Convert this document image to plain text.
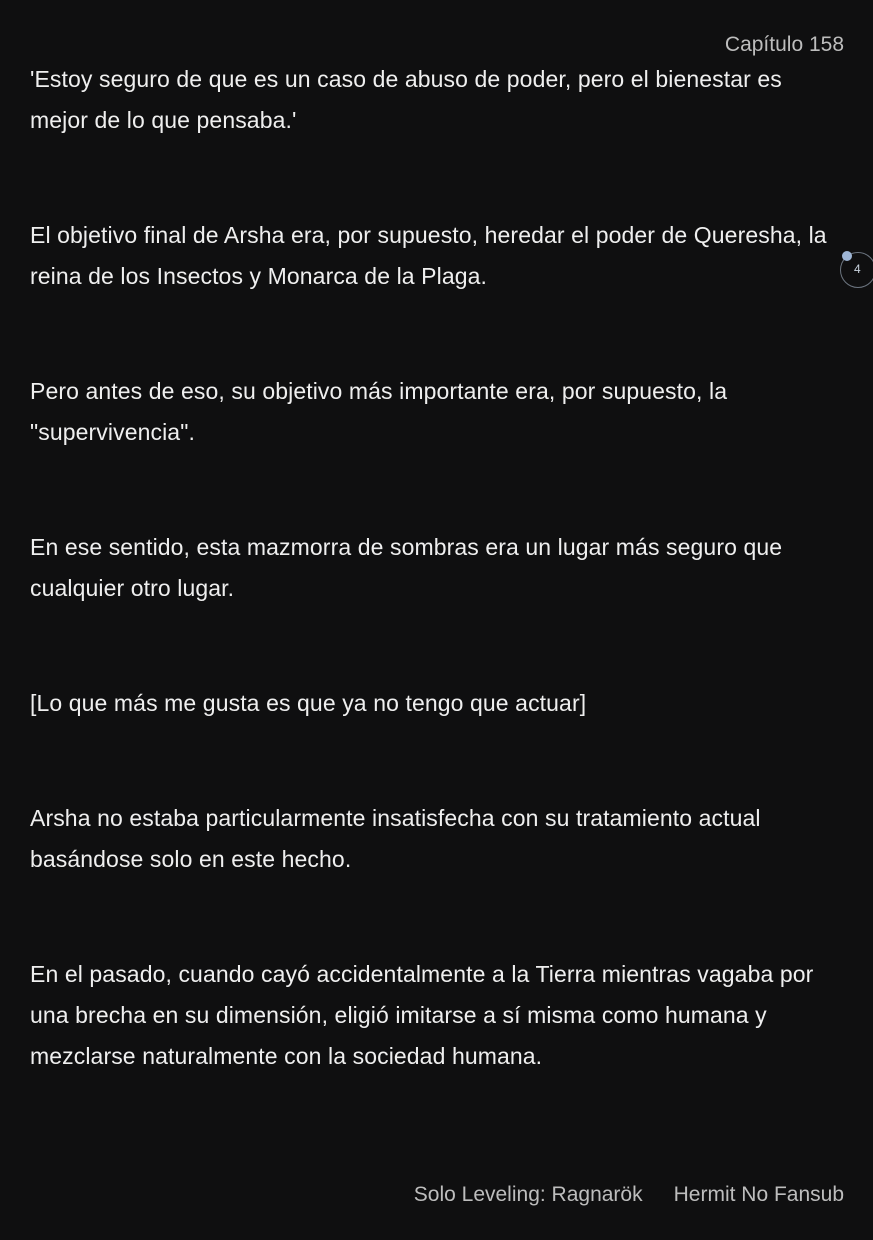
Capítulo 158

'Estoy seguro de que es un caso de abuso de poder, pero el bienestar es mejor de lo que pensaba.'

El objetivo final de Arsha era, por supuesto, heredar el poder de Queresha, la reina de los Insectos y Monarca de la Plaga.

Pero antes de eso, su objetivo más importante era, por supuesto, la "supervivencia".

En ese sentido, esta mazmorra de sombras era un lugar más seguro que cualquier otro lugar.

[Lo que más me gusta es que ya no tengo que actuar]

Arsha no estaba particularmente insatisfecha con su tratamiento actual basándose solo en este hecho.

En el pasado, cuando cayó accidentalmente a la Tierra mientras vagaba por una brecha en su dimensión, eligió imitarse a sí misma como humana y mezclarse naturalmente con la sociedad humana.

4
Solo Leveling: Ragnarök Hermit No Fansub
